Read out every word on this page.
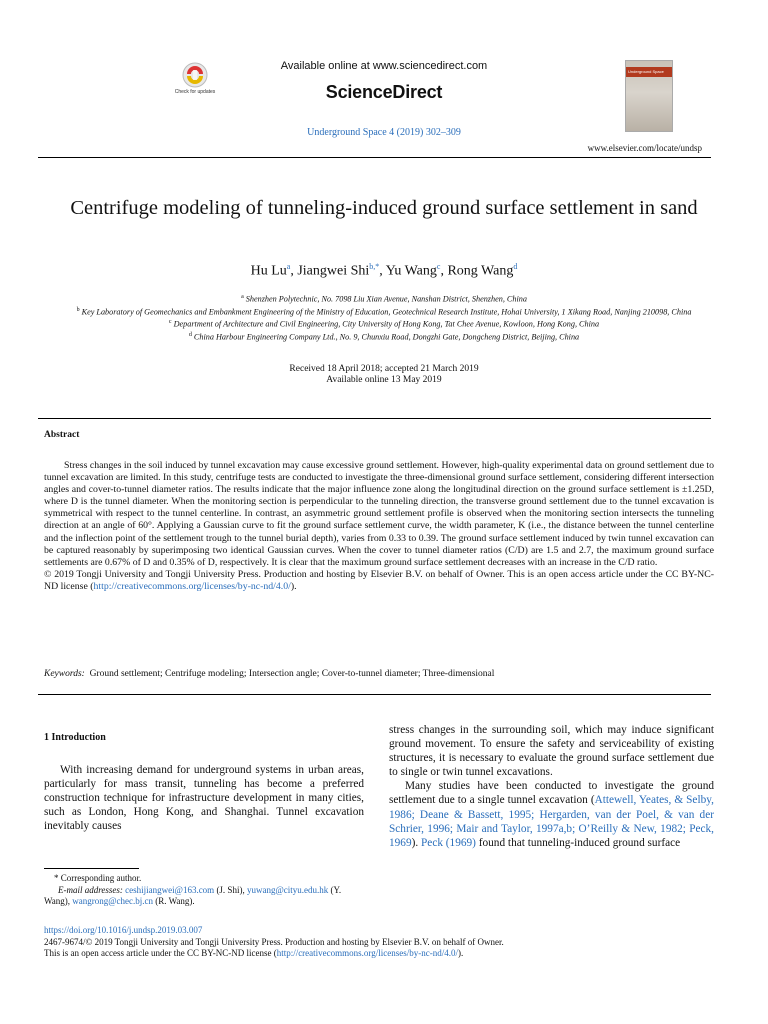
Check for updates
Available online at www.sciencedirect.com
ScienceDirect
Underground Space 4 (2019) 302–309
Underground Space
www.elsevier.com/locate/undsp
Centrifuge modeling of tunneling-induced ground surface settlement in sand
Hu Lu$^a$, Jiangwei Shi$^{b,*}$, Yu Wang$^c$, Rong Wang$^d$
$^a$ Shenzhen Polytechnic, No. 7098 Liu Xian Avenue, Nanshan District, Shenzhen, China
$^b$ Key Laboratory of Geomechanics and Embankment Engineering of the Ministry of Education, Geotechnical Research Institute, Hohai University, 1 Xikang Road, Nanjing 210098, China
$^c$ Department of Architecture and Civil Engineering, City University of Hong Kong, Tat Chee Avenue, Kowloon, Hong Kong, China
$^d$ China Harbour Engineering Company Ltd., No. 9, Chunxiu Road, Dongzhi Gate, Dongcheng District, Beijing, China
Received 18 April 2018; accepted 21 March 2019
Available online 13 May 2019
Abstract

Stress changes in the soil induced by tunnel excavation may cause excessive ground settlement. However, high-quality experimental data on ground settlement due to tunnel excavation are limited. In this study, centrifuge tests are conducted to investigate the three-dimensional ground surface settlement, considering different intersection angles and cover-to-tunnel diameter ratios. The results indicate that the major influence zone along the longitudinal direction on the ground surface settlement is ±1.25D, where D is the tunnel diameter. When the monitoring section is perpendicular to the tunneling direction, the transverse ground settlement due to the tunnel excavation is symmetrical with respect to the tunnel centerline. In contrast, an asymmetric ground settlement profile is observed when the monitoring section intersects the tunneling direction at an angle of 60°. Applying a Gaussian curve to fit the ground surface settlement curve, the width parameter, K (i.e., the distance between the tunnel centerline and the inflection point of the settlement trough to the tunnel burial depth), varies from 0.33 to 0.39. The ground surface settlement induced by twin tunnel excavation can be captured reasonably by superimposing two identical Gaussian curves. When the cover to tunnel diameter ratios (C/D) are 1.5 and 2.7, the maximum ground surface settlements are 0.67% of D and 0.35% of D, respectively. It is clear that the maximum ground surface settlement decreases with an increase in the C/D ratio.

© 2019 Tongji University and Tongji University Press. Production and hosting by Elsevier B.V. on behalf of Owner. This is an open access article under the CC BY-NC-ND license (http://creativecommons.org/licenses/by-nc-nd/4.0/).

Keywords: Ground settlement; Centrifuge modeling; Intersection angle; Cover-to-tunnel diameter; Three-dimensional

1 Introduction

With increasing demand for underground systems in urban areas, particularly for mass transit, tunneling has become a preferred construction technique for infrastructure development in many cities, such as London, Hong Kong, and Shanghai. Tunnel excavation inevitably causes

stress changes in the surrounding soil, which may induce significant ground movement. To ensure the safety and serviceability of existing structures, it is necessary to evaluate the ground surface settlement due to single or twin tunnel excavations.

Many studies have been conducted to investigate the ground settlement due to a single tunnel excavation (Attewell, Yeates, & Selby, 1986; Deane & Bassett, 1995; Hergarden, van der Poel, & van der Schrier, 1996; Mair and Taylor, 1997a,b; O’Reilly & New, 1982; Peck, 1969). Peck (1969) found that tunneling-induced ground surface

* Corresponding author.

E-mail addresses: ceshijiangwei@163.com (J. Shi), yuwang@cityu.edu.hk (Y. Wang), wangrong@chec.bj.cn (R. Wang).

https://doi.org/10.1016/j.undsp.2019.03.007

2467-9674/© 2019 Tongji University and Tongji University Press. Production and hosting by Elsevier B.V. on behalf of Owner.

This is an open access article under the CC BY-NC-ND license (http://creativecommons.org/licenses/by-nc-nd/4.0/).
